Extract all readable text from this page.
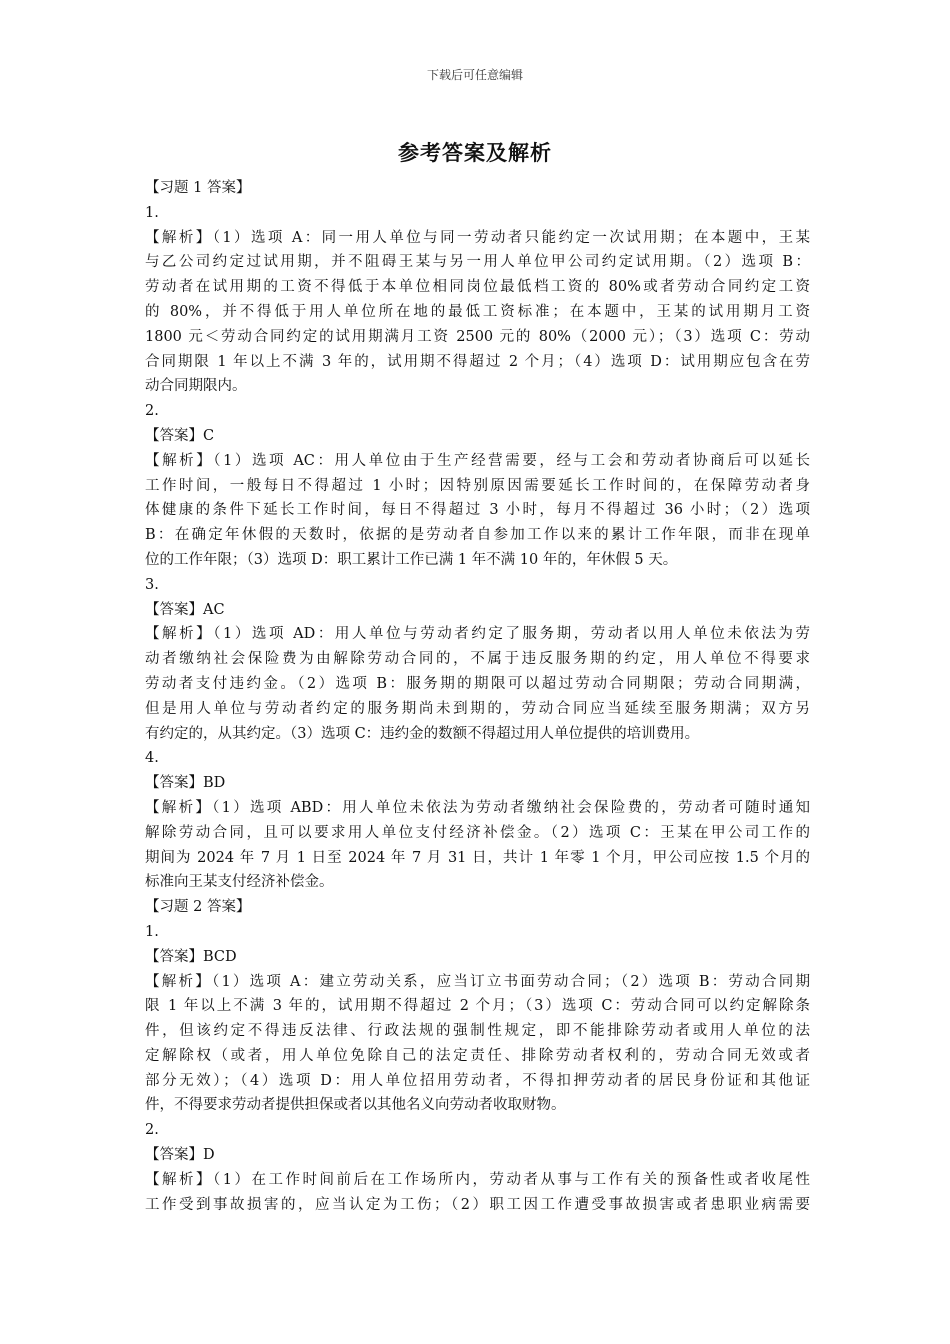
下载后可任意编辑
参考答案及解析
【习题 1 答案】
1.
【解析】（1）选项 A：同一用人单位与同一劳动者只能约定一次试用期；在本题中，王某
与乙公司约定过试用期，并不阻碍王某与另一用人单位甲公司约定试用期。（2）选项 B：
劳动者在试用期的工资不得低于本单位相同岗位最低档工资的 80%或者劳动合同约定工资
的 80%，并不得低于用人单位所在地的最低工资标准；在本题中，王某的试用期月工资
1800 元＜劳动合同约定的试用期满月工资 2500 元的 80%（2000 元）；（3）选项 C：劳动
合同期限 1 年以上不满 3 年的，试用期不得超过 2 个月；（4）选项 D：试用期应包含在劳
动合同期限内。
2.
【答案】C
【解析】（1）选项 AC：用人单位由于生产经营需要，经与工会和劳动者协商后可以延长
工作时间，一般每日不得超过 1 小时；因特别原因需要延长工作时间的，在保障劳动者身
体健康的条件下延长工作时间，每日不得超过 3 小时，每月不得超过 36 小时；（2）选项
B：在确定年休假的天数时，依据的是劳动者自参加工作以来的累计工作年限，而非在现单
位的工作年限；（3）选项 D：职工累计工作已满 1 年不满 10 年的，年休假 5 天。
3.
【答案】AC
【解析】（1）选项 AD：用人单位与劳动者约定了服务期，劳动者以用人单位未依法为劳
动者缴纳社会保险费为由解除劳动合同的，不属于违反服务期的约定，用人单位不得要求
劳动者支付违约金。（2）选项 B：服务期的期限可以超过劳动合同期限；劳动合同期满，
但是用人单位与劳动者约定的服务期尚未到期的，劳动合同应当延续至服务期满；双方另
有约定的，从其约定。（3）选项 C：违约金的数额不得超过用人单位提供的培训费用。
4.
【答案】BD
【解析】（1）选项 ABD：用人单位未依法为劳动者缴纳社会保险费的，劳动者可随时通知
解除劳动合同，且可以要求用人单位支付经济补偿金。（2）选项 C：王某在甲公司工作的
期间为 2024 年 7 月 1 日至 2024 年 7 月 31 日，共计 1 年零 1 个月，甲公司应按 1.5 个月的
标准向王某支付经济补偿金。
【习题 2 答案】
1.
【答案】BCD
【解析】（1）选项 A：建立劳动关系，应当订立书面劳动合同；（2）选项 B：劳动合同期
限 1 年以上不满 3 年的，试用期不得超过 2 个月；（3）选项 C：劳动合同可以约定解除条
件，但该约定不得违反法律、行政法规的强制性规定，即不能排除劳动者或用人单位的法
定解除权（或者，用人单位免除自己的法定责任、排除劳动者权利的，劳动合同无效或者
部分无效）；（4）选项 D：用人单位招用劳动者，不得扣押劳动者的居民身份证和其他证
件，不得要求劳动者提供担保或者以其他名义向劳动者收取财物。
2.
【答案】D
【解析】（1）在工作时间前后在工作场所内，劳动者从事与工作有关的预备性或者收尾性
工作受到事故损害的，应当认定为工伤；（2）职工因工作遭受事故损害或者患职业病需要
